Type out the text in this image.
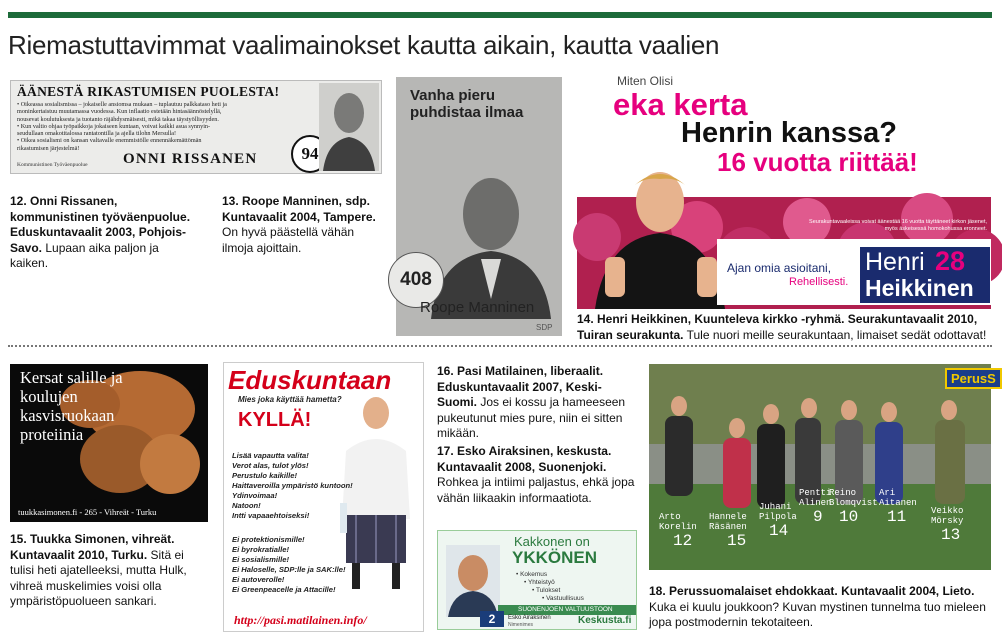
Riemastuttavimmat vaalimainokset kautta aikain, kautta vaalien
ÄÄNESTÄ RIKASTUMISEN PUOLESTA!
• Oikeassa sosialismissa – jokaiselle ansiomsa mukaan – tuplautuu palkkataso heti ja
moninkertaistuu muutamassa vuodessa. Kun inflaatio estetään hintasäännöstelyllä,
nousevat koulutuksesta ja tuotanto räjähdysmäisesti, mikä takaa täystyöllisyyden.
• Kun valtio ohjaa työpaikkoja jokaiseen kuntaan, voivat kaikki asua synnyin-
seudullaan omakotitalossa rantatontilla ja ajella tilohn Mersulla!
• Oikea sosialismi on kansan valtavalle enemmistölle ennennäkemättömän
rikastumisen järjestelmä!
Kommunistinen Työväenpuolue ONNI RISSANEN	94
12. Onni Rissanen, kommunistinen työväenpuolue. Eduskuntavaalit 2003, Pohjois-Savo. Lupaan aika paljon ja kaiken.
13. Roope Manninen, sdp. Kuntavaalit 2004, Tampere. On hyvä päästellä vähän ilmoja ajoittain.
Vanha pieru puhdistaa ilmaa
408
Roope Manninen
SDP
Miten Olisi
eka kerta
Henrin kanssa?
16 vuotta riittää!
Seurakuntavaaleissa voivat äänestää 16 vuotta täyttäneet kirkon jäsenet,
myös äskeisessä homokohussa eronneet.
Ajan omia asioitani,
Rehellisesti.
Henri 28
Heikkinen
14. Henri Heikkinen, Kuunteleva kirkko -ryhmä. Seurakuntavaalit 2010, Tuiran seurakunta. Tule nuori meille seurakuntaan, limaiset sedät odottavat!
Kersat salille ja koulujen kasvisruokaan proteiinia
tuukkasimonen.fi - 265 - Vihreät - Turku
15. Tuukka Simonen, vihreät. Kuntavaalit 2010, Turku. Sitä ei tulisi heti ajatelleeksi, mutta Hulk, vihreä muskelimies voisi olla ympäristöpuolueen sankari.
Eduskuntaan
Mies joka käyttää hametta?
KYLLÄ!
Lisää vapautta valita!
Verot alas, tulot ylös!
Perustulo kaikille!
Haittaveroilla ympäristö kuntoon!
Ydinvoimaa!
Natoon!
Intti vapaaehtoiseksi!
Ei protektionismille!
Ei byrokratialle!
Ei sosialismille!
Ei Haloselle, SDP:lle ja SAK:lle!
Ei autoverolle!
Ei Greenpeacelle ja Attacille!
http://pasi.matilainen.info/
16. Pasi Matilainen, liberaalit. Eduskuntavaalit 2007, Keski-Suomi. Jos ei kossu ja hameeseen pukeutunut mies pure, niin ei sitten mikään.
17. Esko Airaksinen, keskusta. Kuntavaalit 2008, Suonenjoki. Rohkea ja intiimi paljastus, ehkä jopa vähän liikaakin informaatiota.
Kakkonen on
YKKÖNEN
• Kokemus
• Yhteistyö
• Tulokset
• Vastuullisuus
SUONENJOEN VALTUUSTOON
2	Esko Airaksinen
Nimenimes	Keskusta.fi
PerusS
Arto
Korelin
12
Hannele
Räsänen
15
Juhani
Pilpola
14
Pentti
Alinen
9
Reino
Blomqvist
10
Ari
Aitanen
11	Veikko
Mörsky
13
18. Perussuomalaiset ehdokkaat. Kuntavaalit 2004, Lieto. Kuka ei kuulu joukkoon? Kuvan mystinen tunnelma tuo mieleen jopa postmodernin tekotaiteen.
